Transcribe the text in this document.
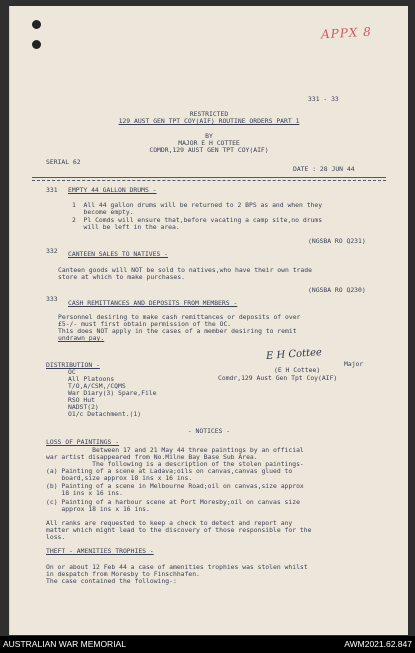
APPX 8
331 - 33
RESTRICTED
129 AUST GEN TPT COY(AIF) ROUTINE ORDERS PART 1
BY
MAJOR E H COTTEE
COMDR,129 AUST GEN TPT COY(AIF)
SERIAL 62
DATE : 28 JUN 44
331 EMPTY 44 GALLON DRUMS -
1  All 44 gallon drums will be returned to 2 BPS as and when they
become empty.
2  Pl Comds will ensure that,before vacating a camp site,no drums
will be left in the area.
(NGSBA RO Q231)
332 CANTEEN SALES TO NATIVES -
Canteen goods will NOT be sold to natives,who have their own trade
store at which to make purchases.
(NGSBA RO Q230)
333 CASH REMITTANCES AND DEPOSITS FROM MEMBERS -
Personnel desiring to make cash remittances or deposits of over
£5-/- must first obtain permission of the OC.
This does NOT apply in the cases of a member desiring to remit
undrawn pay.
DISTRIBUTION -
OC
All Platoons
T/O,A/CSM,/CQMS
War Diary(3) Spare,File
RSO Hut
NADST(2)
O1/c Detachment.(1)
E H Cottee
(E H Cottee)
Major
Comdr,129 Aust Gen Tpt Coy(AIF)
- NOTICES -
LOSS OF PAINTINGS -
Between 17 and 21 May 44 three paintings by an official
war artist disappeared from No.Milne Bay Base Sub Area.
The following is a description of the stolen paintings-
(a) Painting of a scene at Ladava;oils on canvas,canvas glued to
board,size approx 18 ins x 16 ins.
(b) Painting of a scene in Melbourne Road;oil on canvas,size approx
18 ins x 16 ins.
(c) Painting of a harbour scene at Port Moresby;oil on canvas size
approx 18 ins x 16 ins.
All ranks are requested to keep a check to detect and report any
matter which might lead to the discovery of those responsible for the
loss.
THEFT - AMENITIES TROPHIES -
On or about 12 Feb 44 a case of amenities trophies was stolen whilst
in despatch from Moresby to Finschhafen.
The case contained the following-:
AUSTRALIAN WAR MEMORIAL	AWM2021.62.847
